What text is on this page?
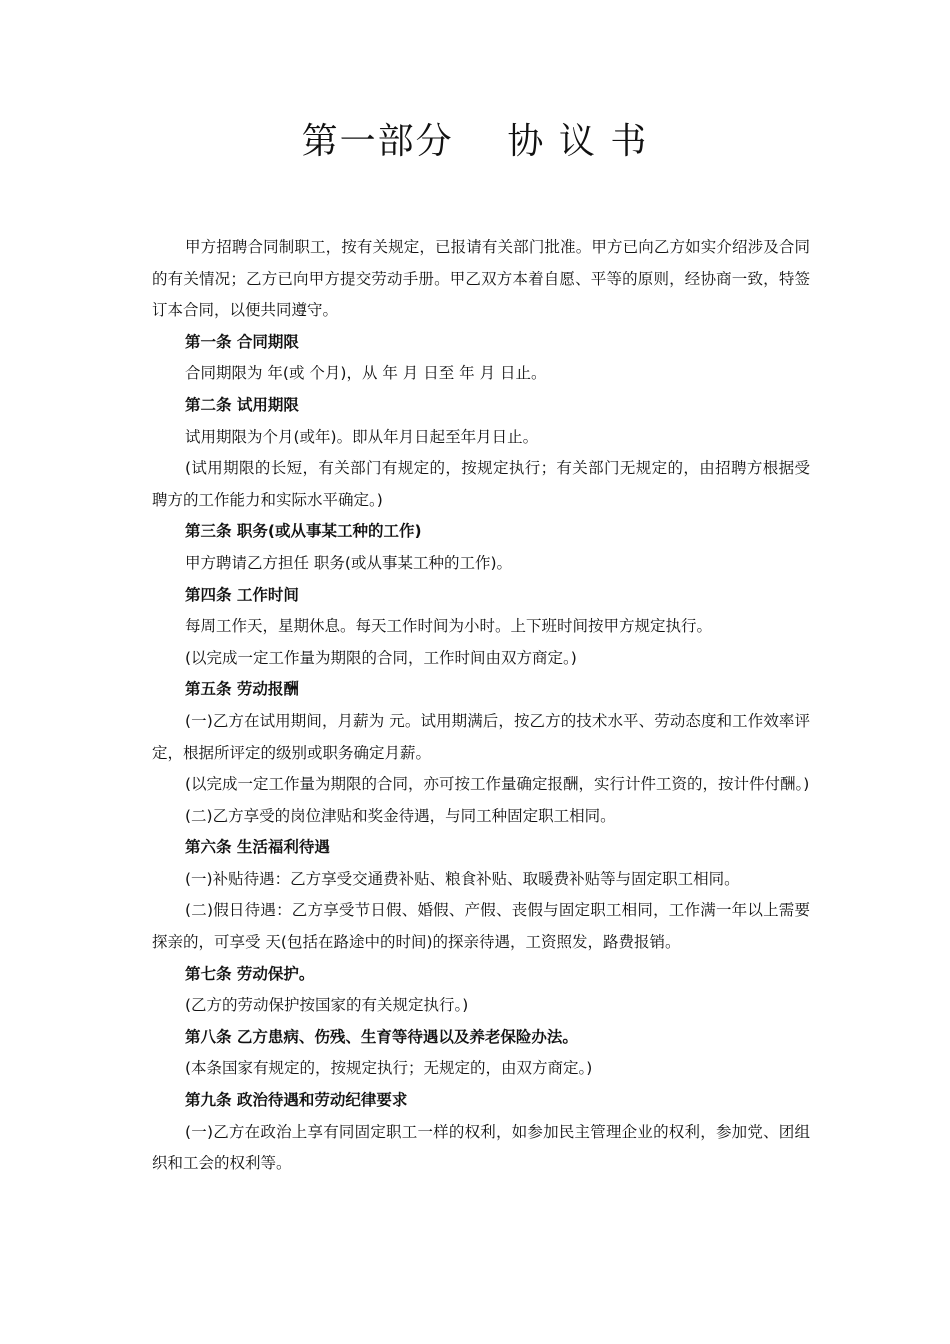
第一部分    协 议 书

甲方招聘合同制职工，按有关规定，已报请有关部门批准。甲方已向乙方如实介绍涉及合同的有关情况；乙方已向甲方提交劳动手册。甲乙双方本着自愿、平等的原则，经协商一致，特签订本合同，以便共同遵守。

第一条 合同期限

合同期限为 年(或 个月)，从 年 月 日至 年 月 日止。

第二条 试用期限

试用期限为个月(或年)。即从年月日起至年月日止。

(试用期限的长短，有关部门有规定的，按规定执行；有关部门无规定的，由招聘方根据受聘方的工作能力和实际水平确定。)

第三条 职务(或从事某工种的工作)

甲方聘请乙方担任 职务(或从事某工种的工作)。

第四条 工作时间

每周工作天，星期休息。每天工作时间为小时。上下班时间按甲方规定执行。

(以完成一定工作量为期限的合同，工作时间由双方商定。)

第五条 劳动报酬

(一)乙方在试用期间，月薪为 元。试用期满后，按乙方的技术水平、劳动态度和工作效率评定，根据所评定的级别或职务确定月薪。

(以完成一定工作量为期限的合同，亦可按工作量确定报酬，实行计件工资的，按计件付酬。)

(二)乙方享受的岗位津贴和奖金待遇，与同工种固定职工相同。

第六条 生活福利待遇

(一)补贴待遇：乙方享受交通费补贴、粮食补贴、取暖费补贴等与固定职工相同。

(二)假日待遇：乙方享受节日假、婚假、产假、丧假与固定职工相同，工作满一年以上需要探亲的，可享受 天(包括在路途中的时间)的探亲待遇，工资照发，路费报销。

第七条 劳动保护。

(乙方的劳动保护按国家的有关规定执行。)

第八条 乙方患病、伤残、生育等待遇以及养老保险办法。

(本条国家有规定的，按规定执行；无规定的，由双方商定。)

第九条 政治待遇和劳动纪律要求

(一)乙方在政治上享有同固定职工一样的权利，如参加民主管理企业的权利，参加党、团组织和工会的权利等。
